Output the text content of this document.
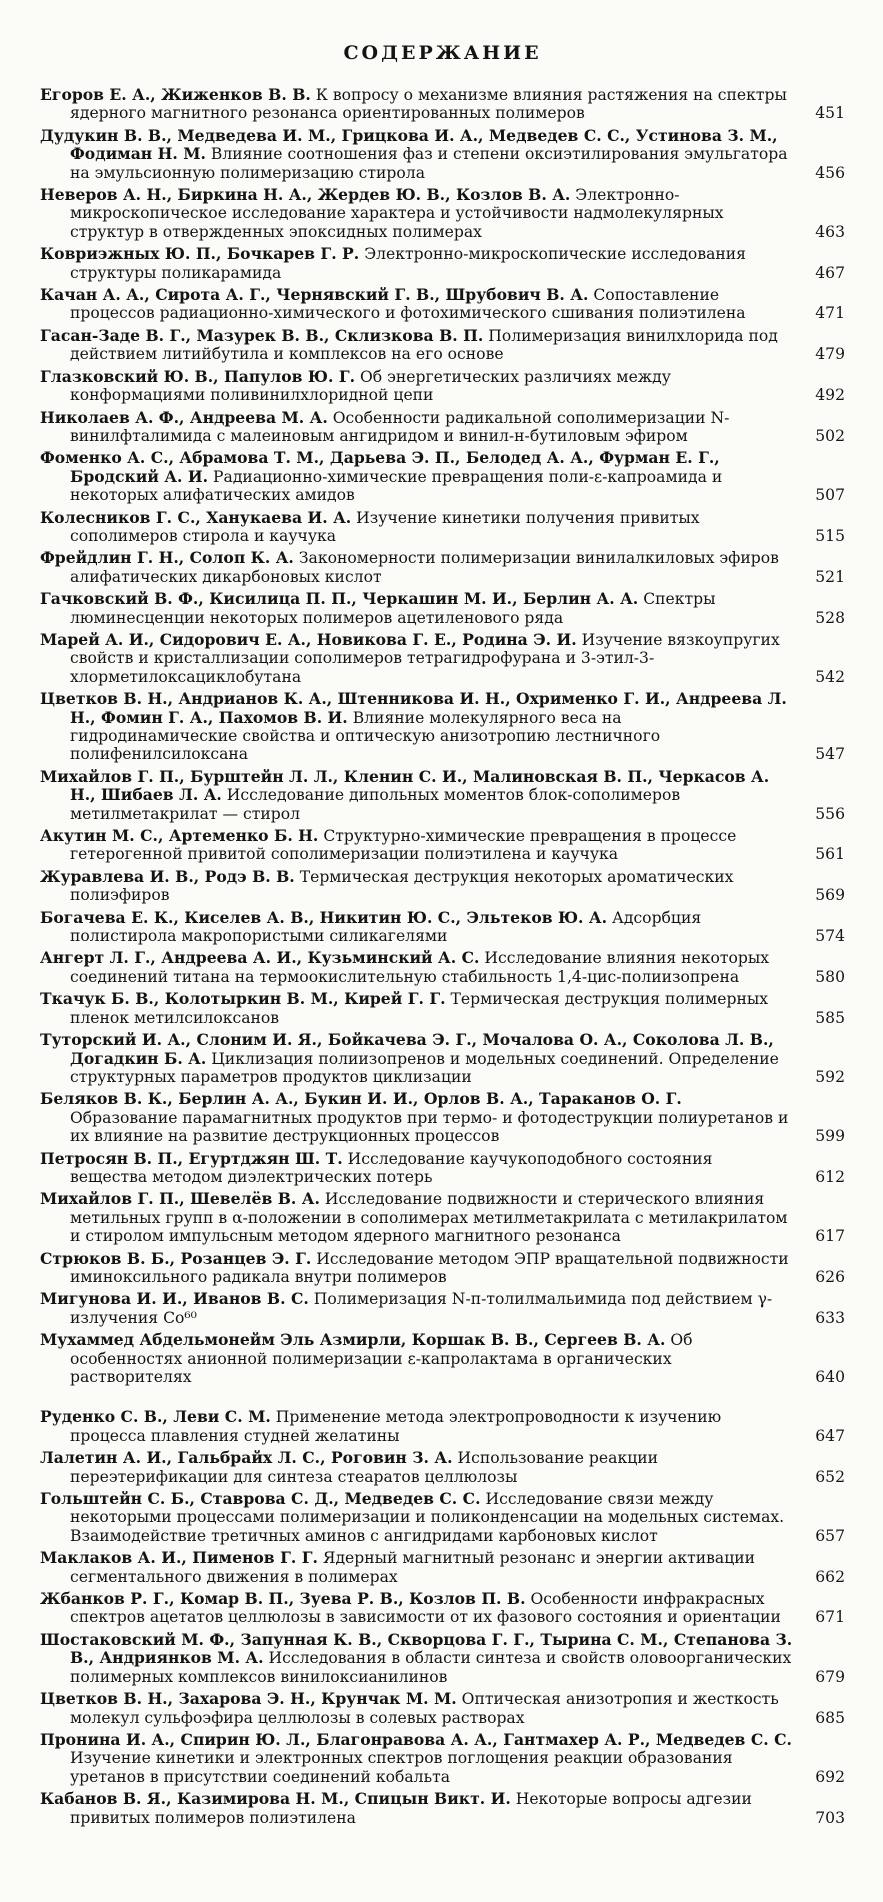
СОДЕРЖАНИЕ
Егоров Е. А., Жиженков В. В. К вопросу о механизме влияния растяжения на спектры ядерного магнитного резонанса ориентированных полимеров	451
Дудукин В. В., Медведева И. М., Грицкова И. А., Медведев С. С., Устинова З. М., Фодиман Н. М. Влияние соотношения фаз и степени оксиэтилирования эмульгатора на эмульсионную полимеризацию стирола	456
Неверов А. Н., Биркина Н. А., Жердев Ю. В., Козлов В. А. Электронно-микроскопическое исследование характера и устойчивости надмолекулярных структур в отвержденных эпоксидных полимерах	463
Ковриэжных Ю. П., Бочкарев Г. Р. Электронно-микроскопические исследования структуры поликарамида	467
Качан А. А., Сирота А. Г., Чернявский Г. В., Шрубович В. А. Сопоставление процессов радиационно-химического и фотохимического сшивания полиэтилена	471
Гасан-Заде В. Г., Мазурек В. В., Склизкова В. П. Полимеризация винилхлорида под действием литийбутила и комплексов на его основе	479
Глазковский Ю. В., Папулов Ю. Г. Об энергетических различиях между конформациями поливинилхлоридной цепи	492
Николаев А. Ф., Андреева М. А. Особенности радикальной сополимеризации N-винилфталимида с малеиновым ангидридом и винил-н-бутиловым эфиром	502
Фоменко А. С., Абрамова Т. М., Дарьева Э. П., Белодед А. А., Фурман Е. Г., Бродский А. И. Радиационно-химические превращения поли-ε-капроамида и некоторых алифатических амидов	507
Колесников Г. С., Ханукаева И. А. Изучение кинетики получения привитых сополимеров стирола и каучука	515
Фрейдлин Г. Н., Солоп К. А. Закономерности полимеризации винилалкиловых эфиров алифатических дикарбоновых кислот	521
Гачковский В. Ф., Кисилица П. П., Черкашин М. И., Берлин А. А. Спектры люминесценции некоторых полимеров ацетиленового ряда	528
Марей А. И., Сидорович Е. А., Новикова Г. Е., Родина Э. И. Изучение вязкоупругих свойств и кристаллизации сополимеров тетрагидрофурана и 3-этил-3-хлорметилоксациклобутана	542
Цветков В. Н., Андрианов К. А., Штенникова И. Н., Охрименко Г. И., Андреева Л. Н., Фомин Г. А., Пахомов В. И. Влияние молекулярного веса на гидродинамические свойства и оптическую анизотропию лестничного полифенилсилоксана	547
Михайлов Г. П., Бурштейн Л. Л., Кленин С. И., Малиновская В. П., Черкасов А. Н., Шибаев Л. А. Исследование дипольных моментов блок-сополимеров метилметакрилат — стирол	556
Акутин М. С., Артеменко Б. Н. Структурно-химические превращения в процессе гетерогенной привитой сополимеризации полиэтилена и каучука	561
Журавлева И. В., Родэ В. В. Термическая деструкция некоторых ароматических полиэфиров	569
Богачева Е. К., Киселев А. В., Никитин Ю. С., Эльтеков Ю. А. Адсорбция полистирола макропористыми силикагелями	574
Ангерт Л. Г., Андреева А. И., Кузьминский А. С. Исследование влияния некоторых соединений титана на термоокислительную стабильность 1,4-цис-полиизопрена	580
Ткачук Б. В., Колотыркин В. М., Кирей Г. Г. Термическая деструкция полимерных пленок метилсилоксанов	585
Туторский И. А., Слоним И. Я., Бойкачева Э. Г., Мочалова О. А., Соколова Л. В., Догадкин Б. А. Циклизация полиизопренов и модельных соединений. Определение структурных параметров продуктов циклизации	592
Беляков В. К., Берлин А. А., Букин И. И., Орлов В. А., Тараканов О. Г. Образование парамагнитных продуктов при термо- и фотодеструкции полиуретанов и их влияние на развитие деструкционных процессов	599
Петросян В. П., Егуртджян Ш. Т. Исследование каучукоподобного состояния вещества методом диэлектрических потерь	612
Михайлов Г. П., Шевелёв В. А. Исследование подвижности и стерического влияния метильных групп в α-положении в сополимерах метилметакрилата с метилакрилатом и стиролом импульсным методом ядерного магнитного резонанса	617
Стрюков В. Б., Розанцев Э. Г. Исследование методом ЭПР вращательной подвижности иминоксильного радикала внутри полимеров	626
Мигунова И. И., Иванов В. С. Полимеризация N-п-толилмальимида под действием γ-излучения Co⁶⁰	633
Мухаммед Абдельмонейм Эль Азмирли, Коршак В. В., Сергеев В. А. Об особенностях анионной полимеризации ε-капролактама в органических растворителях	640
Руденко С. В., Леви С. М. Применение метода электропроводности к изучению процесса плавления студней желатины	647
Лалетин А. И., Гальбрайх Л. С., Роговин З. А. Использование реакции переэтерификации для синтеза стеаратов целлюлозы	652
Гольштейн С. Б., Ставрова С. Д., Медведев С. С. Исследование связи между некоторыми процессами полимеризации и поликонденсации на модельных системах. Взаимодействие третичных аминов с ангидридами карбоновых кислот	657
Маклаков А. И., Пименов Г. Г. Ядерный магнитный резонанс и энергии активации сегментального движения в полимерах	662
Жбанков Р. Г., Комар В. П., Зуева Р. В., Козлов П. В. Особенности инфракрасных спектров ацетатов целлюлозы в зависимости от их фазового состояния и ориентации	671
Шостаковский М. Ф., Запунная К. В., Скворцова Г. Г., Тырина С. М., Степанова З. В., Андриянков М. А. Исследования в области синтеза и свойств оловоорганических полимерных комплексов винилоксианилинов	679
Цветков В. Н., Захарова Э. Н., Крунчак М. М. Оптическая анизотропия и жесткость молекул сульфоэфира целлюлозы в солевых растворах	685
Пронина И. А., Спирин Ю. Л., Благонравова А. А., Гантмахер А. Р., Медведев С. С. Изучение кинетики и электронных спектров поглощения реакции образования уретанов в присутствии соединений кобальта	692
Кабанов В. Я., Казимирова Н. М., Спицын Викт. И. Некоторые вопросы адгезии привитых полимеров полиэтилена	703
